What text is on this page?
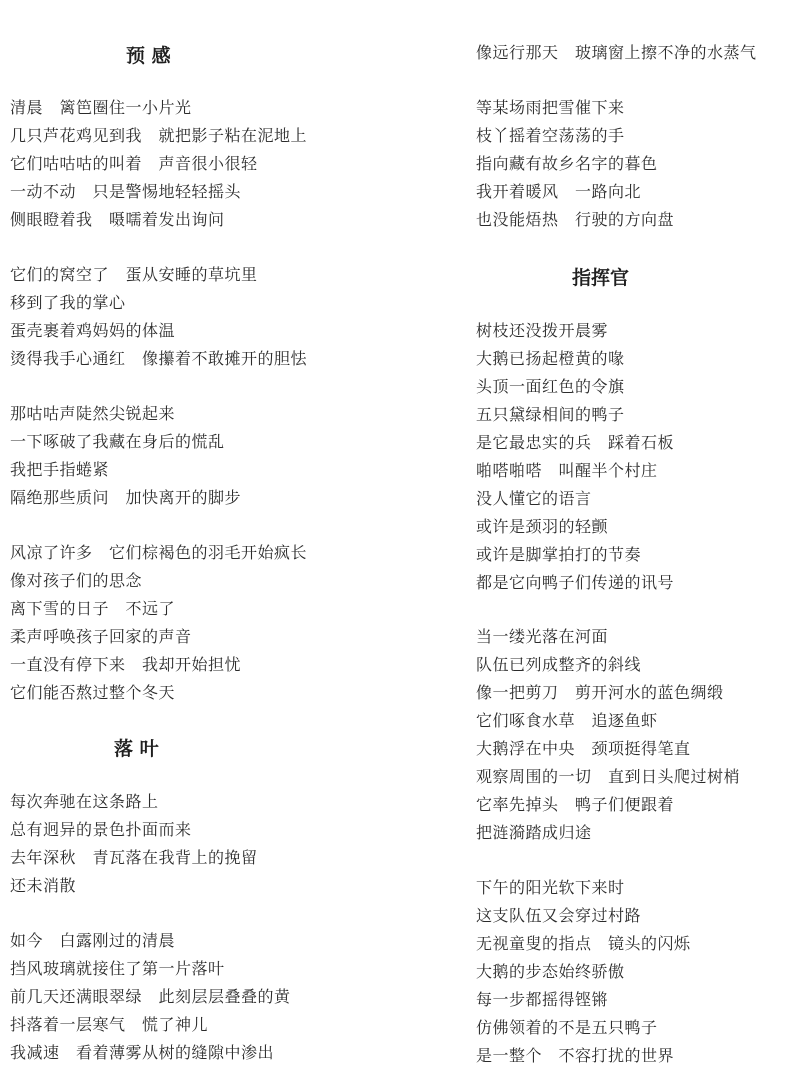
预 感
清晨　篱笆圈住一小片光
几只芦花鸡见到我　就把影子粘在泥地上
它们咕咕咕的叫着　声音很小很轻
一动不动　只是警惕地轻轻摇头
侧眼瞪着我　嗫嚅着发出询问
它们的窝空了　蛋从安睡的草坑里
移到了我的掌心
蛋壳裹着鸡妈妈的体温
烫得我手心通红　像攥着不敢摊开的胆怯
那咕咕声陡然尖锐起来
一下啄破了我藏在身后的慌乱
我把手指蜷紧
隔绝那些质问　加快离开的脚步
风凉了许多　它们棕褐色的羽毛开始疯长
像对孩子们的思念
离下雪的日子　不远了
柔声呼唤孩子回家的声音
一直没有停下来　我却开始担忧
它们能否熬过整个冬天
落 叶
每次奔驰在这条路上
总有迥异的景色扑面而来
去年深秋　青瓦落在我背上的挽留
还未消散
如今　白露刚过的清晨
挡风玻璃就接住了第一片落叶
前几天还满眼翠绿　此刻层层叠叠的黄
抖落着一层寒气　慌了神儿
我减速　看着薄雾从树的缝隙中渗出
像远行那天　玻璃窗上擦不净的水蒸气
等某场雨把雪催下来
枝丫摇着空荡荡的手
指向藏有故乡名字的暮色
我开着暖风　一路向北
也没能焐热　行驶的方向盘
指挥官
树枝还没拨开晨雾
大鹅已扬起橙黄的喙
头顶一面红色的令旗
五只黛绿相间的鸭子
是它最忠实的兵　踩着石板
啪嗒啪嗒　叫醒半个村庄
没人懂它的语言
或许是颈羽的轻颤
或许是脚掌拍打的节奏
都是它向鸭子们传递的讯号
当一缕光落在河面
队伍已列成整齐的斜线
像一把剪刀　剪开河水的蓝色绸缎
它们啄食水草　追逐鱼虾
大鹅浮在中央　颈项挺得笔直
观察周围的一切　直到日头爬过树梢
它率先掉头　鸭子们便跟着
把涟漪踏成归途
下午的阳光软下来时
这支队伍又会穿过村路
无视童叟的指点　镜头的闪烁
大鹅的步态始终骄傲
每一步都摇得铿锵
仿佛领着的不是五只鸭子
是一整个　不容打扰的世界
